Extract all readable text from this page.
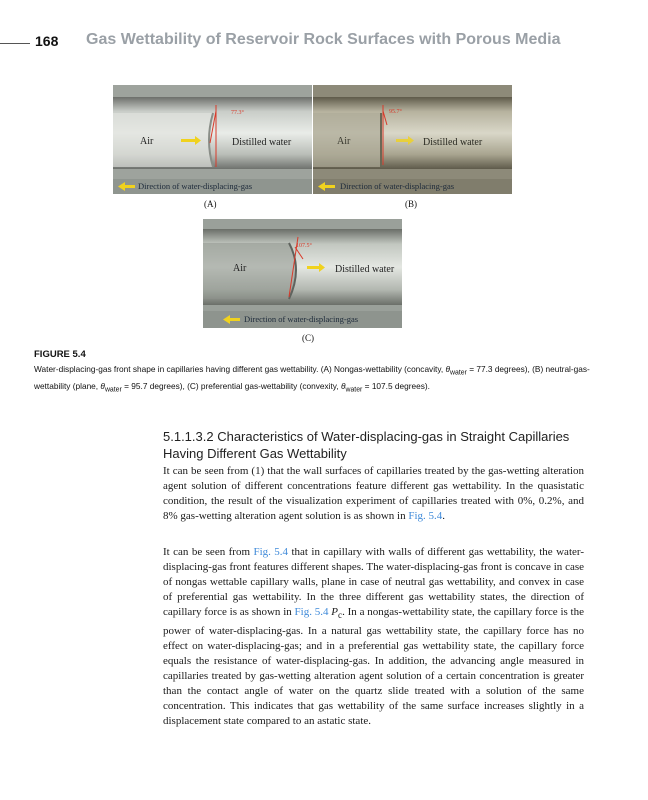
168 Gas Wettability of Reservoir Rock Surfaces with Porous Media
77.3°
Air	Distilled water
Direction of water-displacing-gas
(A)
95.7°
Air	Distilled water
Direction of water-displacing-gas
(B)
107.5°
Air	Distilled water
Direction of water-displacing-gas
(C)
FIGURE 5.4
Water-displacing-gas front shape in capillaries having different gas wettability. (A) Nongas-wettability (concavity, $\theta_{water} = 77.3$ degrees), (B) neutral-gas-wettability (plane, $\theta_{water} = 95.7$ degrees), (C) preferential gas-wettability (convexity, $\theta_{water} = 107.5$ degrees).
5.1.1.3.2 Characteristics of Water-displacing-gas in Straight Capillaries Having Different Gas Wettability

It can be seen from (1) that the wall surfaces of capillaries treated by the gas-wetting alteration agent solution of different concentrations feature different gas wettability. In the quasistatic condition, the result of the visualization experiment of capillaries treated with 0%, 0.2%, and 8% gas-wetting alteration agent solution is as shown in Fig. 5.4.

It can be seen from Fig. 5.4 that in capillary with walls of different gas wettability, the water-displacing-gas front features different shapes. The water-displacing-gas front is concave in case of nongas wettable capillary walls, plane in case of neutral gas wettability, and convex in case of preferential gas wettability. In the three different gas wettability states, the direction of capillary force is as shown in Fig. 5.4 $P_c$. In a nongas-wettability state, the capillary force is the power of water-displacing-gas. In a natural gas wettability state, the capillary force has no effect on water-displacing-gas; and in a preferential gas wettability state, the capillary force equals the resistance of water-displacing-gas. In addition, the advancing angle measured in capillaries treated by gas-wetting alteration agent solution of a certain concentration is greater than the contact angle of water on the quartz slide treated with a solution of the same concentration. This indicates that gas wettability of the same surface increases slightly in a displacement state compared to an astatic state.
